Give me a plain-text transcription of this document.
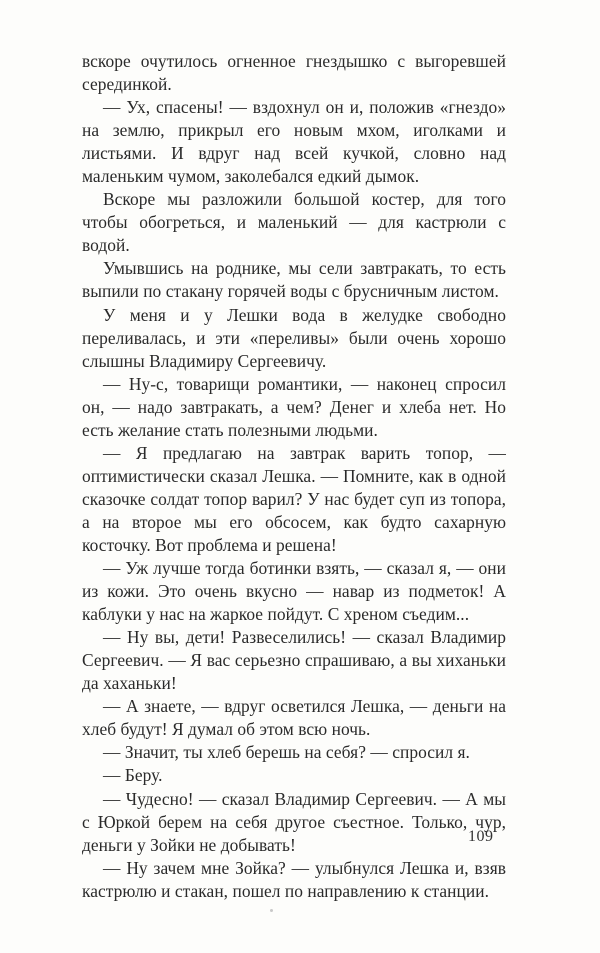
вскоре очутилось огненное гнездышко с выгоревшей серединкой.

— Ух, спасены! — вздохнул он и, положив «гнездо» на землю, прикрыл его новым мхом, иголками и листьями. И вдруг над всей кучкой, словно над маленьким чумом, заколебался едкий дымок.

Вскоре мы разложили большой костер, для того чтобы обогреться, и маленький — для кастрюли с водой.

Умывшись на роднике, мы сели завтракать, то есть выпили по стакану горячей воды с брусничным листом.

У меня и у Лешки вода в желудке свободно переливалась, и эти «переливы» были очень хорошо слышны Владимиру Сергеевичу.

— Ну-с, товарищи романтики, — наконец спросил он, — надо завтракать, а чем? Денег и хлеба нет. Но есть желание стать полезными людьми.

— Я предлагаю на завтрак варить топор, — оптимистически сказал Лешка. — Помните, как в одной сказочке солдат топор варил? У нас будет суп из топора, а на второе мы его обсосем, как будто сахарную косточку. Вот проблема и решена!

— Уж лучше тогда ботинки взять, — сказал я, — они из кожи. Это очень вкусно — навар из подметок! А каблуки у нас на жаркое пойдут. С хреном съедим...

— Ну вы, дети! Развеселились! — сказал Владимир Сергеевич. — Я вас серьезно спрашиваю, а вы хиханьки да хаханьки!

— А знаете, — вдруг осветился Лешка, — деньги на хлеб будут! Я думал об этом всю ночь.

— Значит, ты хлеб берешь на себя? — спросил я.

— Беру.

— Чудесно! — сказал Владимир Сергеевич. — А мы с Юркой берем на себя другое съестное. Только, чур, деньги у Зойки не добывать!

— Ну зачем мне Зойка? — улыбнулся Лешка и, взяв кастрюлю и стакан, пошел по направлению к станции.

109
